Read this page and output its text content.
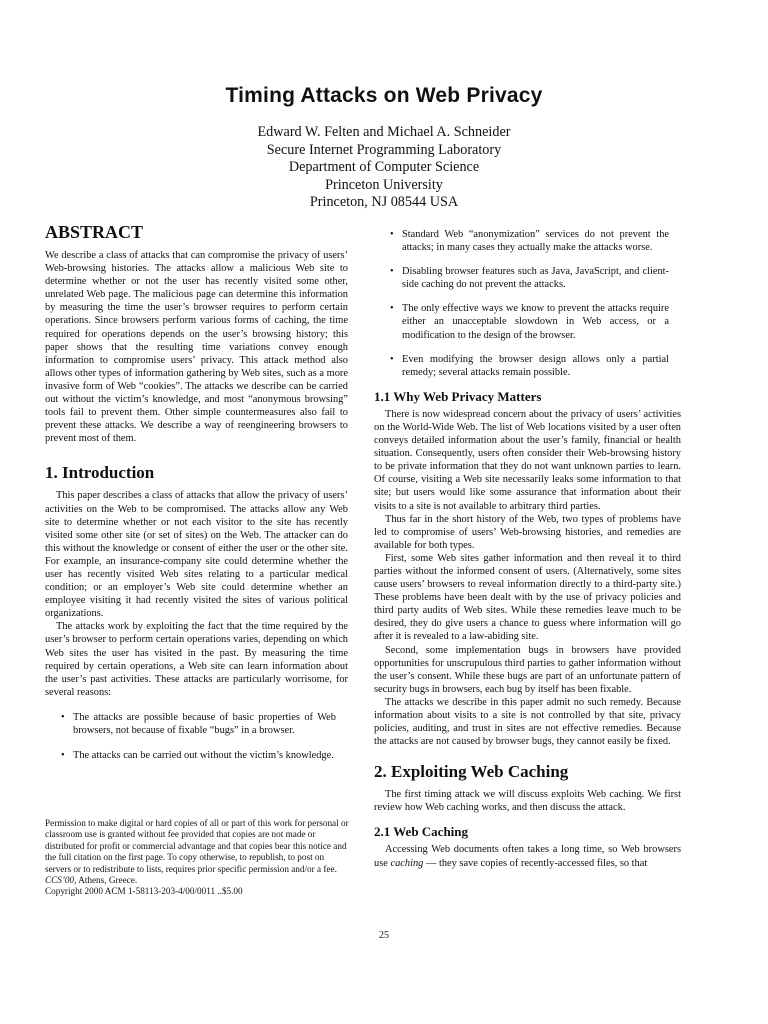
Timing Attacks on Web Privacy
Edward W. Felten and Michael A. Schneider
Secure Internet Programming Laboratory
Department of Computer Science
Princeton University
Princeton, NJ 08544 USA
ABSTRACT

We describe a class of attacks that can compromise the privacy of users’ Web-browsing histories. The attacks allow a malicious Web site to determine whether or not the user has recently visited some other, unrelated Web page. The malicious page can determine this information by measuring the time the user’s browser requires to perform certain operations. Since browsers perform various forms of caching, the time required for operations depends on the user’s browsing history; this paper shows that the resulting time variations convey enough information to compromise users’ privacy. This attack method also allows other types of information gathering by Web sites, such as a more invasive form of Web “cookies”. The attacks we describe can be carried out without the victim’s knowledge, and most “anonymous browsing” tools fail to prevent them. Other simple countermeasures also fail to prevent these attacks. We describe a way of reengineering browsers to prevent most of them.

1. Introduction

This paper describes a class of attacks that allow the privacy of users’ activities on the Web to be compromised. The attacks allow any Web site to determine whether or not each visitor to the site has recently visited some other site (or set of sites) on the Web. The attacker can do this without the knowledge or consent of either the user or the other site. For example, an insurance-company site could determine whether the user has recently visited Web sites relating to a particular medical condition; or an employer’s Web site could determine whether an employee visiting it had recently visited the sites of various political organizations.

The attacks work by exploiting the fact that the time required by the user’s browser to perform certain operations varies, depending on which Web sites the user has visited in the past. By measuring the time required by certain operations, a Web site can learn information about the user’s past activities. These attacks are particularly worrisome, for several reasons:

• The attacks are possible because of basic properties of Web browsers, not because of fixable “bugs” in a browser.
• The attacks can be carried out without the victim’s knowledge.
Permission to make digital or hard copies of all or part of this work for personal or classroom use is granted without fee provided that copies are not made or distributed for profit or commercial advantage and that copies bear this notice and the full citation on the first page. To copy otherwise, to republish, to post on servers or to redistribute to lists, requires prior specific permission and/or a fee.
CCS’00, Athens, Greece.
Copyright 2000 ACM 1-58113-203-4/00/0011 ..$5.00
• Standard Web “anonymization” services do not prevent the attacks; in many cases they actually make the attacks worse.
• Disabling browser features such as Java, JavaScript, and client-side caching do not prevent the attacks.
• The only effective ways we know to prevent the attacks require either an unacceptable slowdown in Web access, or a modification to the design of the browser.
• Even modifying the browser design allows only a partial remedy; several attacks remain possible.
1.1 Why Web Privacy Matters

There is now widespread concern about the privacy of users’ activities on the World-Wide Web. The list of Web locations visited by a user often conveys detailed information about the user’s family, financial or health situation. Consequently, users often consider their Web-browsing history to be private information that they do not want unknown parties to learn. Of course, visiting a Web site necessarily leaks some information to that site; but users would like some assurance that information about their visits to a site is not available to arbitrary third parties.

Thus far in the short history of the Web, two types of problems have led to compromise of users’ Web-browsing histories, and remedies are available for both types.

First, some Web sites gather information and then reveal it to third parties without the informed consent of users. (Alternatively, some sites cause users’ browsers to reveal information directly to a third-party site.) These problems have been dealt with by the use of privacy policies and third party audits of Web sites. While these remedies leave much to be desired, they do give users a chance to guess where information will go after it is revealed to a law-abiding site.

Second, some implementation bugs in browsers have provided opportunities for unscrupulous third parties to gather information without the user’s consent. While these bugs are part of an unfortunate pattern of security bugs in browsers, each bug by itself has been fixable.

The attacks we describe in this paper admit no such remedy. Because information about visits to a site is not controlled by that site, privacy policies, auditing, and trust in sites are not effective remedies. Because the attacks are not caused by browser bugs, they cannot easily be fixed.

2. Exploiting Web Caching

The first timing attack we will discuss exploits Web caching. We first review how Web caching works, and then discuss the attack.

2.1 Web Caching

Accessing Web documents often takes a long time, so Web browsers use caching — they save copies of recently-accessed files, so that

25
